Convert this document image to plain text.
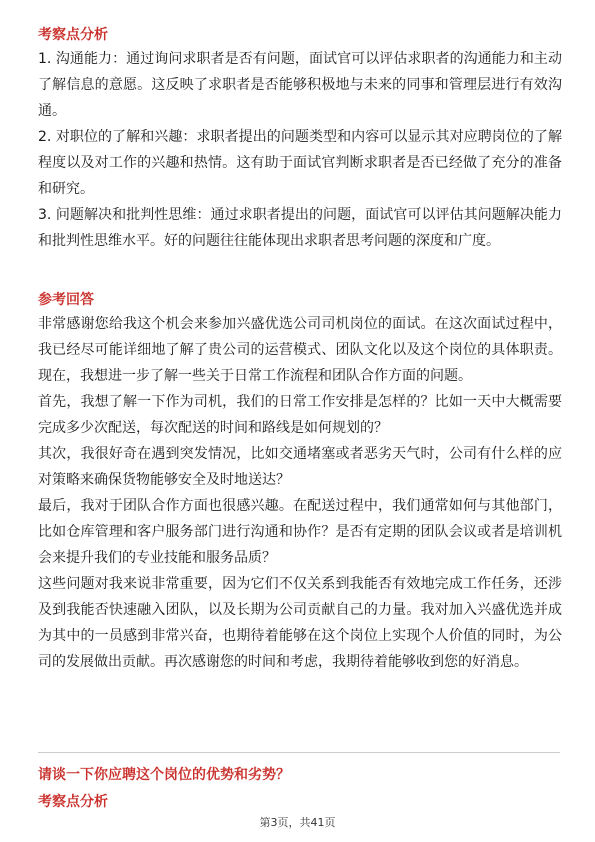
考察点分析

1. 沟通能力：通过询问求职者是否有问题，面试官可以评估求职者的沟通能力和主动了解信息的意愿。这反映了求职者是否能够积极地与未来的同事和管理层进行有效沟通。

2. 对职位的了解和兴趣：求职者提出的问题类型和内容可以显示其对应聘岗位的了解程度以及对工作的兴趣和热情。这有助于面试官判断求职者是否已经做了充分的准备和研究。

3. 问题解决和批判性思维：通过求职者提出的问题，面试官可以评估其问题解决能力和批判性思维水平。好的问题往往能体现出求职者思考问题的深度和广度。

参考回答

非常感谢您给我这个机会来参加兴盛优选公司司机岗位的面试。在这次面试过程中，我已经尽可能详细地了解了贵公司的运营模式、团队文化以及这个岗位的具体职责。现在，我想进一步了解一些关于日常工作流程和团队合作方面的问题。

首先，我想了解一下作为司机，我们的日常工作安排是怎样的？比如一天中大概需要完成多少次配送，每次配送的时间和路线是如何规划的？

其次，我很好奇在遇到突发情况，比如交通堵塞或者恶劣天气时，公司有什么样的应对策略来确保货物能够安全及时地送达？

最后，我对于团队合作方面也很感兴趣。在配送过程中，我们通常如何与其他部门，比如仓库管理和客户服务部门进行沟通和协作？是否有定期的团队会议或者是培训机会来提升我们的专业技能和服务品质？

这些问题对我来说非常重要，因为它们不仅关系到我能否有效地完成工作任务，还涉及到我能否快速融入团队，以及长期为公司贡献自己的力量。我对加入兴盛优选并成为其中的一员感到非常兴奋，也期待着能够在这个岗位上实现个人价值的同时，为公司的发展做出贡献。再次感谢您的时间和考虑，我期待着能够收到您的好消息。

请谈一下你应聘这个岗位的优势和劣势？
考察点分析
第3页，共41页
